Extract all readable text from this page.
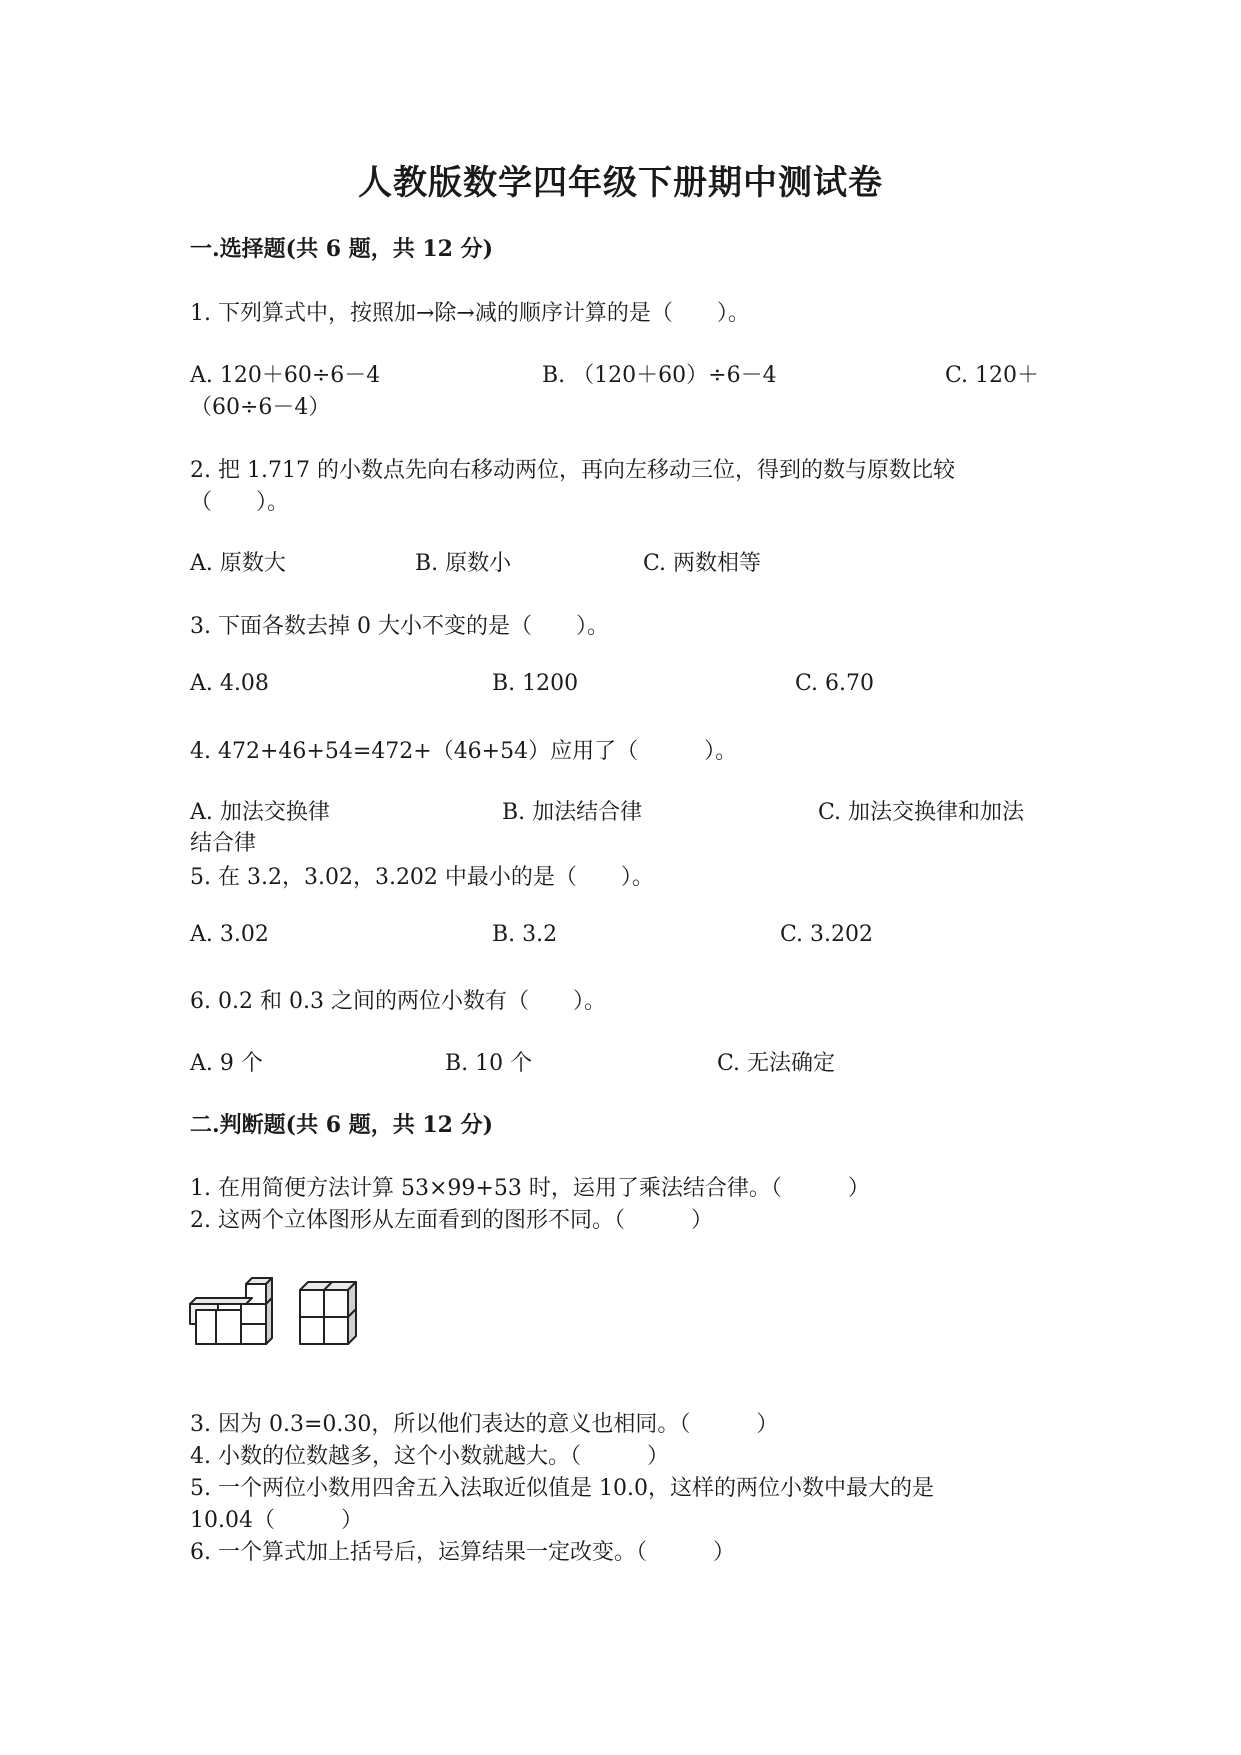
人教版数学四年级下册期中测试卷
一.选择题(共 6 题，共 12 分)
1. 下列算式中，按照加→除→减的顺序计算的是（　　）。
A. 120＋60÷6－4	B. （120＋60）÷6－4	C. 120＋
（60÷6－4）
2. 把 1.717 的小数点先向右移动两位，再向左移动三位，得到的数与原数比较
（　　）。
A. 原数大	B. 原数小	C. 两数相等
3. 下面各数去掉 0 大小不变的是（　　）。
A. 4.08	B. 1200	C. 6.70
4. 472+46+54=472+（46+54）应用了（　　　）。
A. 加法交换律	B. 加法结合律	C. 加法交换律和加法
结合律
5. 在 3.2，3.02，3.202 中最小的是（　　）。
A. 3.02	B. 3.2	C. 3.202
6. 0.2 和 0.3 之间的两位小数有（　　）。
A. 9 个	B. 10 个	C. 无法确定
二.判断题(共 6 题，共 12 分)
1. 在用简便方法计算 53×99+53 时，运用了乘法结合律。（　　　）
2. 这两个立体图形从左面看到的图形不同。（　　　）
3. 因为 0.3=0.30，所以他们表达的意义也相同。（　　　）
4. 小数的位数越多，这个小数就越大。（　　　）
5. 一个两位小数用四舍五入法取近似值是 10.0，这样的两位小数中最大的是
10.04（　　　）
6. 一个算式加上括号后，运算结果一定改变。（　　　）
